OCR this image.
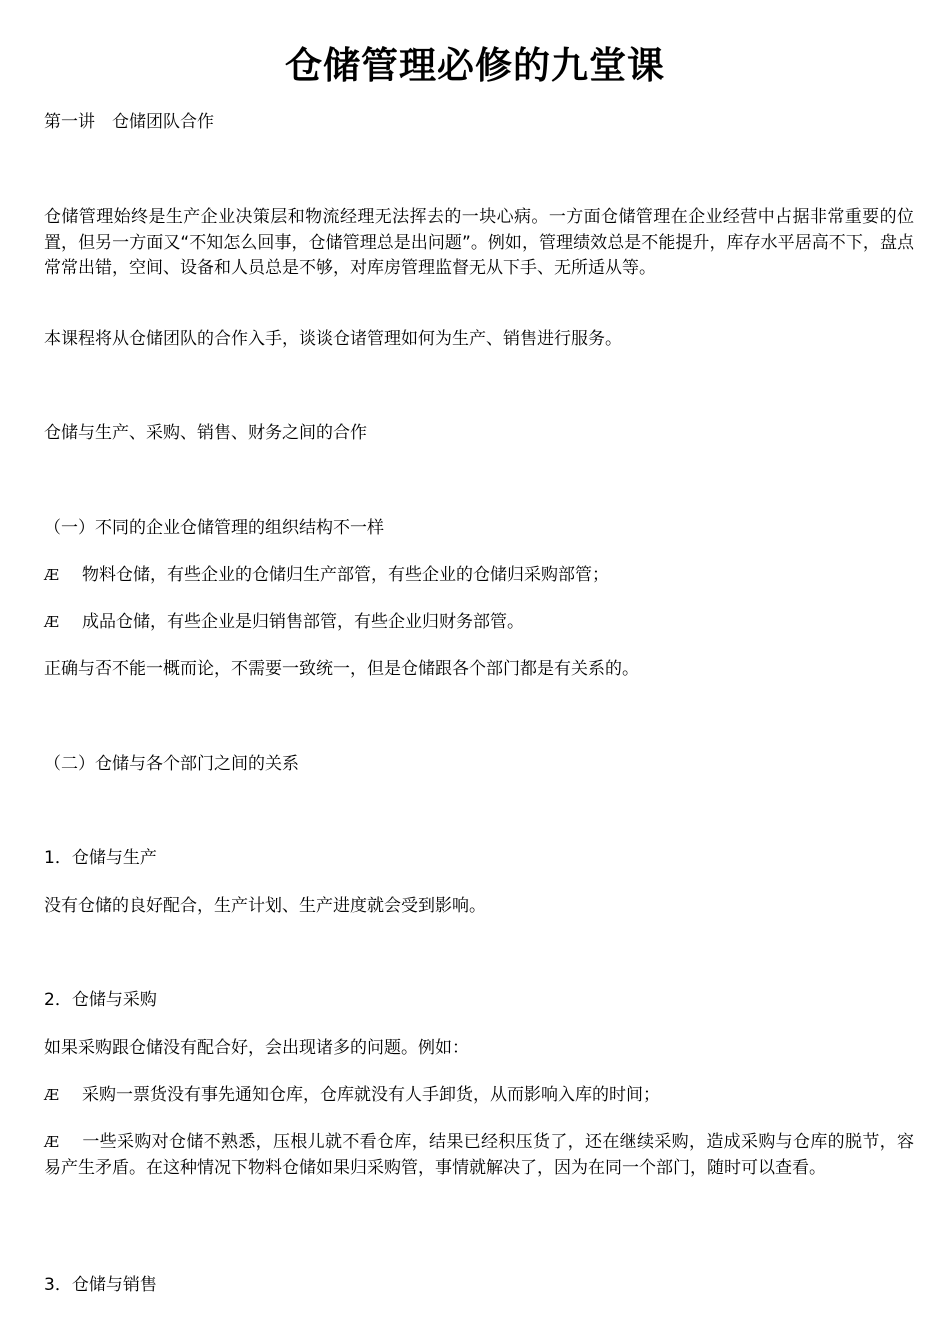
仓储管理必修的九堂课

第一讲　仓储团队合作

仓储管理始终是生产企业决策层和物流经理无法挥去的一块心病。一方面仓储管理在企业经营中占据非常重要的位置，但另一方面又“不知怎么回事，仓储管理总是出问题”。例如，管理绩效总是不能提升，库存水平居高不下，盘点常常出错，空间、设备和人员总是不够，对库房管理监督无从下手、无所适从等。

本课程将从仓储团队的合作入手，谈谈仓诸管理如何为生产、销售进行服务。

仓储与生产、采购、销售、财务之间的合作

（一）不同的企业仓储管理的组织结构不一样

Æ 物料仓储，有些企业的仓储归生产部管，有些企业的仓储归采购部管；

Æ 成品仓储，有些企业是归销售部管，有些企业归财务部管。

正确与否不能一概而论，不需要一致统一，但是仓储跟各个部门都是有关系的。

（二）仓储与各个部门之间的关系

1．仓储与生产

没有仓储的良好配合，生产计划、生产进度就会受到影响。

2．仓储与采购

如果采购跟仓储没有配合好，会出现诸多的问题。例如：

Æ 采购一票货没有事先通知仓库，仓库就没有人手卸货，从而影响入库的时间；

Æ 一些采购对仓储不熟悉，压根儿就不看仓库，结果已经积压货了，还在继续采购，造成采购与仓库的脱节，容易产生矛盾。在这种情况下物料仓储如果归采购管，事情就解决了，因为在同一个部门，随时可以查看。

3．仓储与销售
